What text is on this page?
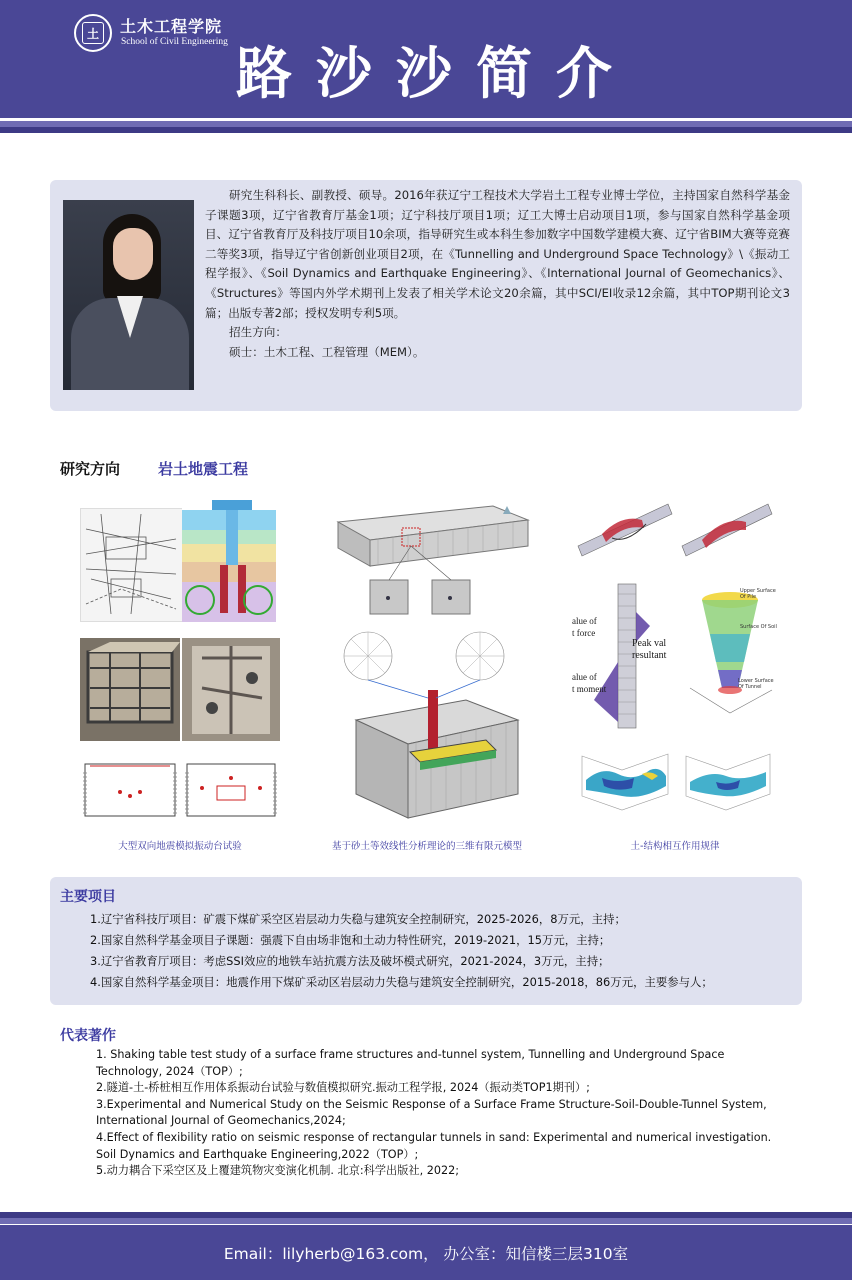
土	土木工程学院
School of Civil Engineering 路沙沙简介

研究生科科长、副教授、硕导。2016年获辽宁工程技术大学岩土工程专业博士学位，主持国家自然科学基金子课题3项，辽宁省教育厅基金1项；辽宁科技厅项目1项；辽工大博士启动项目1项，参与国家自然科学基金项目、辽宁省教育厅及科技厅项目10余项，指导研究生或本科生参加数字中国数学建模大赛、辽宁省BIM大赛等竞赛二等奖3项，指导辽宁省创新创业项目2项，在《Tunnelling and Underground Space Technology》\《振动工程学报》、《Soil Dynamics and Earthquake Engineering》、《International Journal of Geomechanics》、《Structures》等国内外学术期刊上发表了相关学术论文20余篇，其中SCI/EI收录12余篇，其中TOP期刊论文3篇；出版专著2部；授权发明专利5项。

招生方向：
硕士：土木工程、工程管理（MEM）。
研究方向	岩土地震工程
大型双向地震模拟振动台试验	基于砂土等效线性分析理论的三维有限元模型
Peak val
resultant
alue of
t force
alue of
t moment
Upper Surface Of Pile
Surface Of Soil
Lower Surface Of Tunnel
土-结构相互作用规律
主要项目
1.辽宁省科技厅项目：矿震下煤矿采空区岩层动力失稳与建筑安全控制研究，2025-2026，8万元，主持；
2.国家自然科学基金项目子课题：强震下自由场非饱和土动力特性研究，2019-2021，15万元，主持；
3.辽宁省教育厅项目：考虑SSI效应的地铁车站抗震方法及破坏模式研究，2021-2024，3万元，主持；
4.国家自然科学基金项目：地震作用下煤矿采动区岩层动力失稳与建筑安全控制研究，2015-2018，86万元，主要参与人；
代表著作
1. Shaking table test study of a surface frame structures and-tunnel system, Tunnelling and Underground Space Technology, 2024（TOP）;
2.隧道-土-桥桩相互作用体系振动台试验与数值模拟研究.振动工程学报, 2024（振动类TOP1期刊）;
3.Experimental and Numerical Study on the Seismic Response of a Surface Frame Structure-Soil-Double-Tunnel System, International Journal of Geomechanics,2024;
4.Effect of flexibility ratio on seismic response of rectangular tunnels in sand: Experimental and numerical investigation. Soil Dynamics and Earthquake Engineering,2022（TOP）;
5.动力耦合下采空区及上覆建筑物灾变演化机制. 北京:科学出版社, 2022;
Email：lilyherb@163.com， 办公室：知信楼三层310室
